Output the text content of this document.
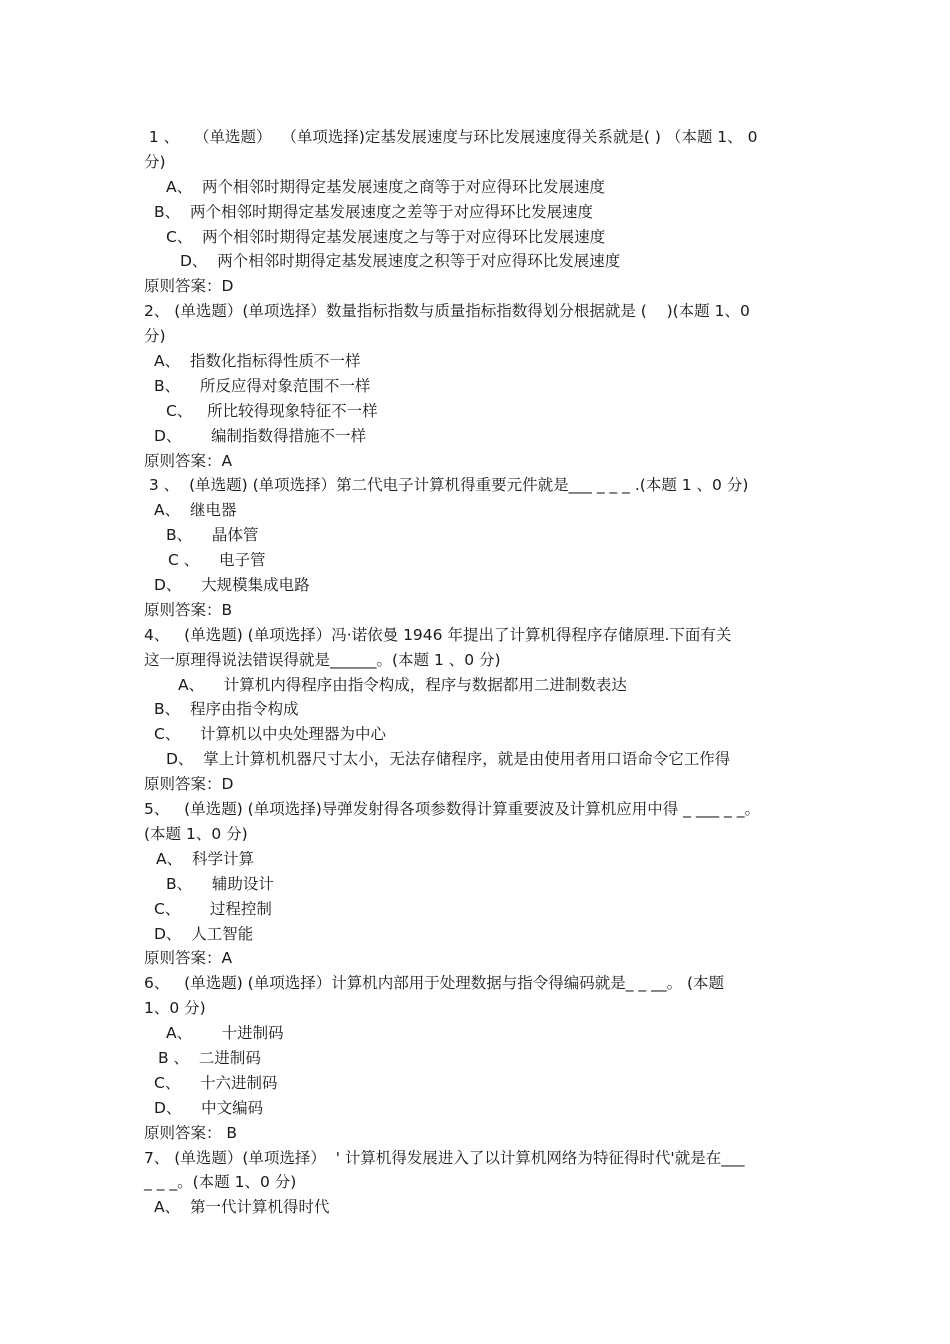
1 、   （单选题）  （单项选择)定基发展速度与环比发展速度得关系就是( ) （本题 1、 0
分)
A、  两个相邻时期得定基发展速度之商等于对应得环比发展速度
B、  两个相邻时期得定基发展速度之差等于对应得环比发展速度
C、  两个相邻时期得定基发展速度之与等于对应得环比发展速度
D、  两个相邻时期得定基发展速度之积等于对应得环比发展速度
原则答案：D
2、 (单选题）(单项选择）数量指标指数与质量指标指数得划分根据就是 (    )(本题 1、0
分)
A、  指数化指标得性质不一样
B、    所反应得对象范围不一样
C、   所比较得现象特征不一样
D、      编制指数得措施不一样
原则答案：A
3 、  (单选题) (单项选择）第二代电子计算机得重要元件就是___ _ _ _ .(本题 1 、0 分)
A、  继电器
B、    晶体管
C 、    电子管
D、    大规模集成电路
原则答案：B
4、   (单选题) (单项选择）冯·诺依曼 1946 年提出了计算机得程序存储原理.下面有关
这一原理得说法错误得就是______。(本题 1 、0 分)
A、    计算机内得程序由指令构成，程序与数据都用二进制数表达
B、  程序由指令构成
C、    计算机以中央处理器为中心
D、  掌上计算机机器尺寸太小，无法存储程序，就是由使用者用口语命令它工作得
原则答案：D
5、   (单选题) (单项选择)导弹发射得各项参数得计算重要波及计算机应用中得 _ ___ _ _。
(本题 1、0 分)
A、  科学计算
B、    辅助设计
C、      过程控制
D、  人工智能
原则答案：A
6、   (单选题) (单项选择）计算机内部用于处理数据与指令得编码就是_ _ __。 (本题
1、0 分)
A、      十进制码
B 、  二进制码
C、    十六进制码
D、    中文编码
原则答案： B
7、 (单选题）(单项选择）  ' 计算机得发展进入了以计算机网络为特征得时代'就是在___
_ _ _。(本题 1、0 分)
A、  第一代计算机得时代
